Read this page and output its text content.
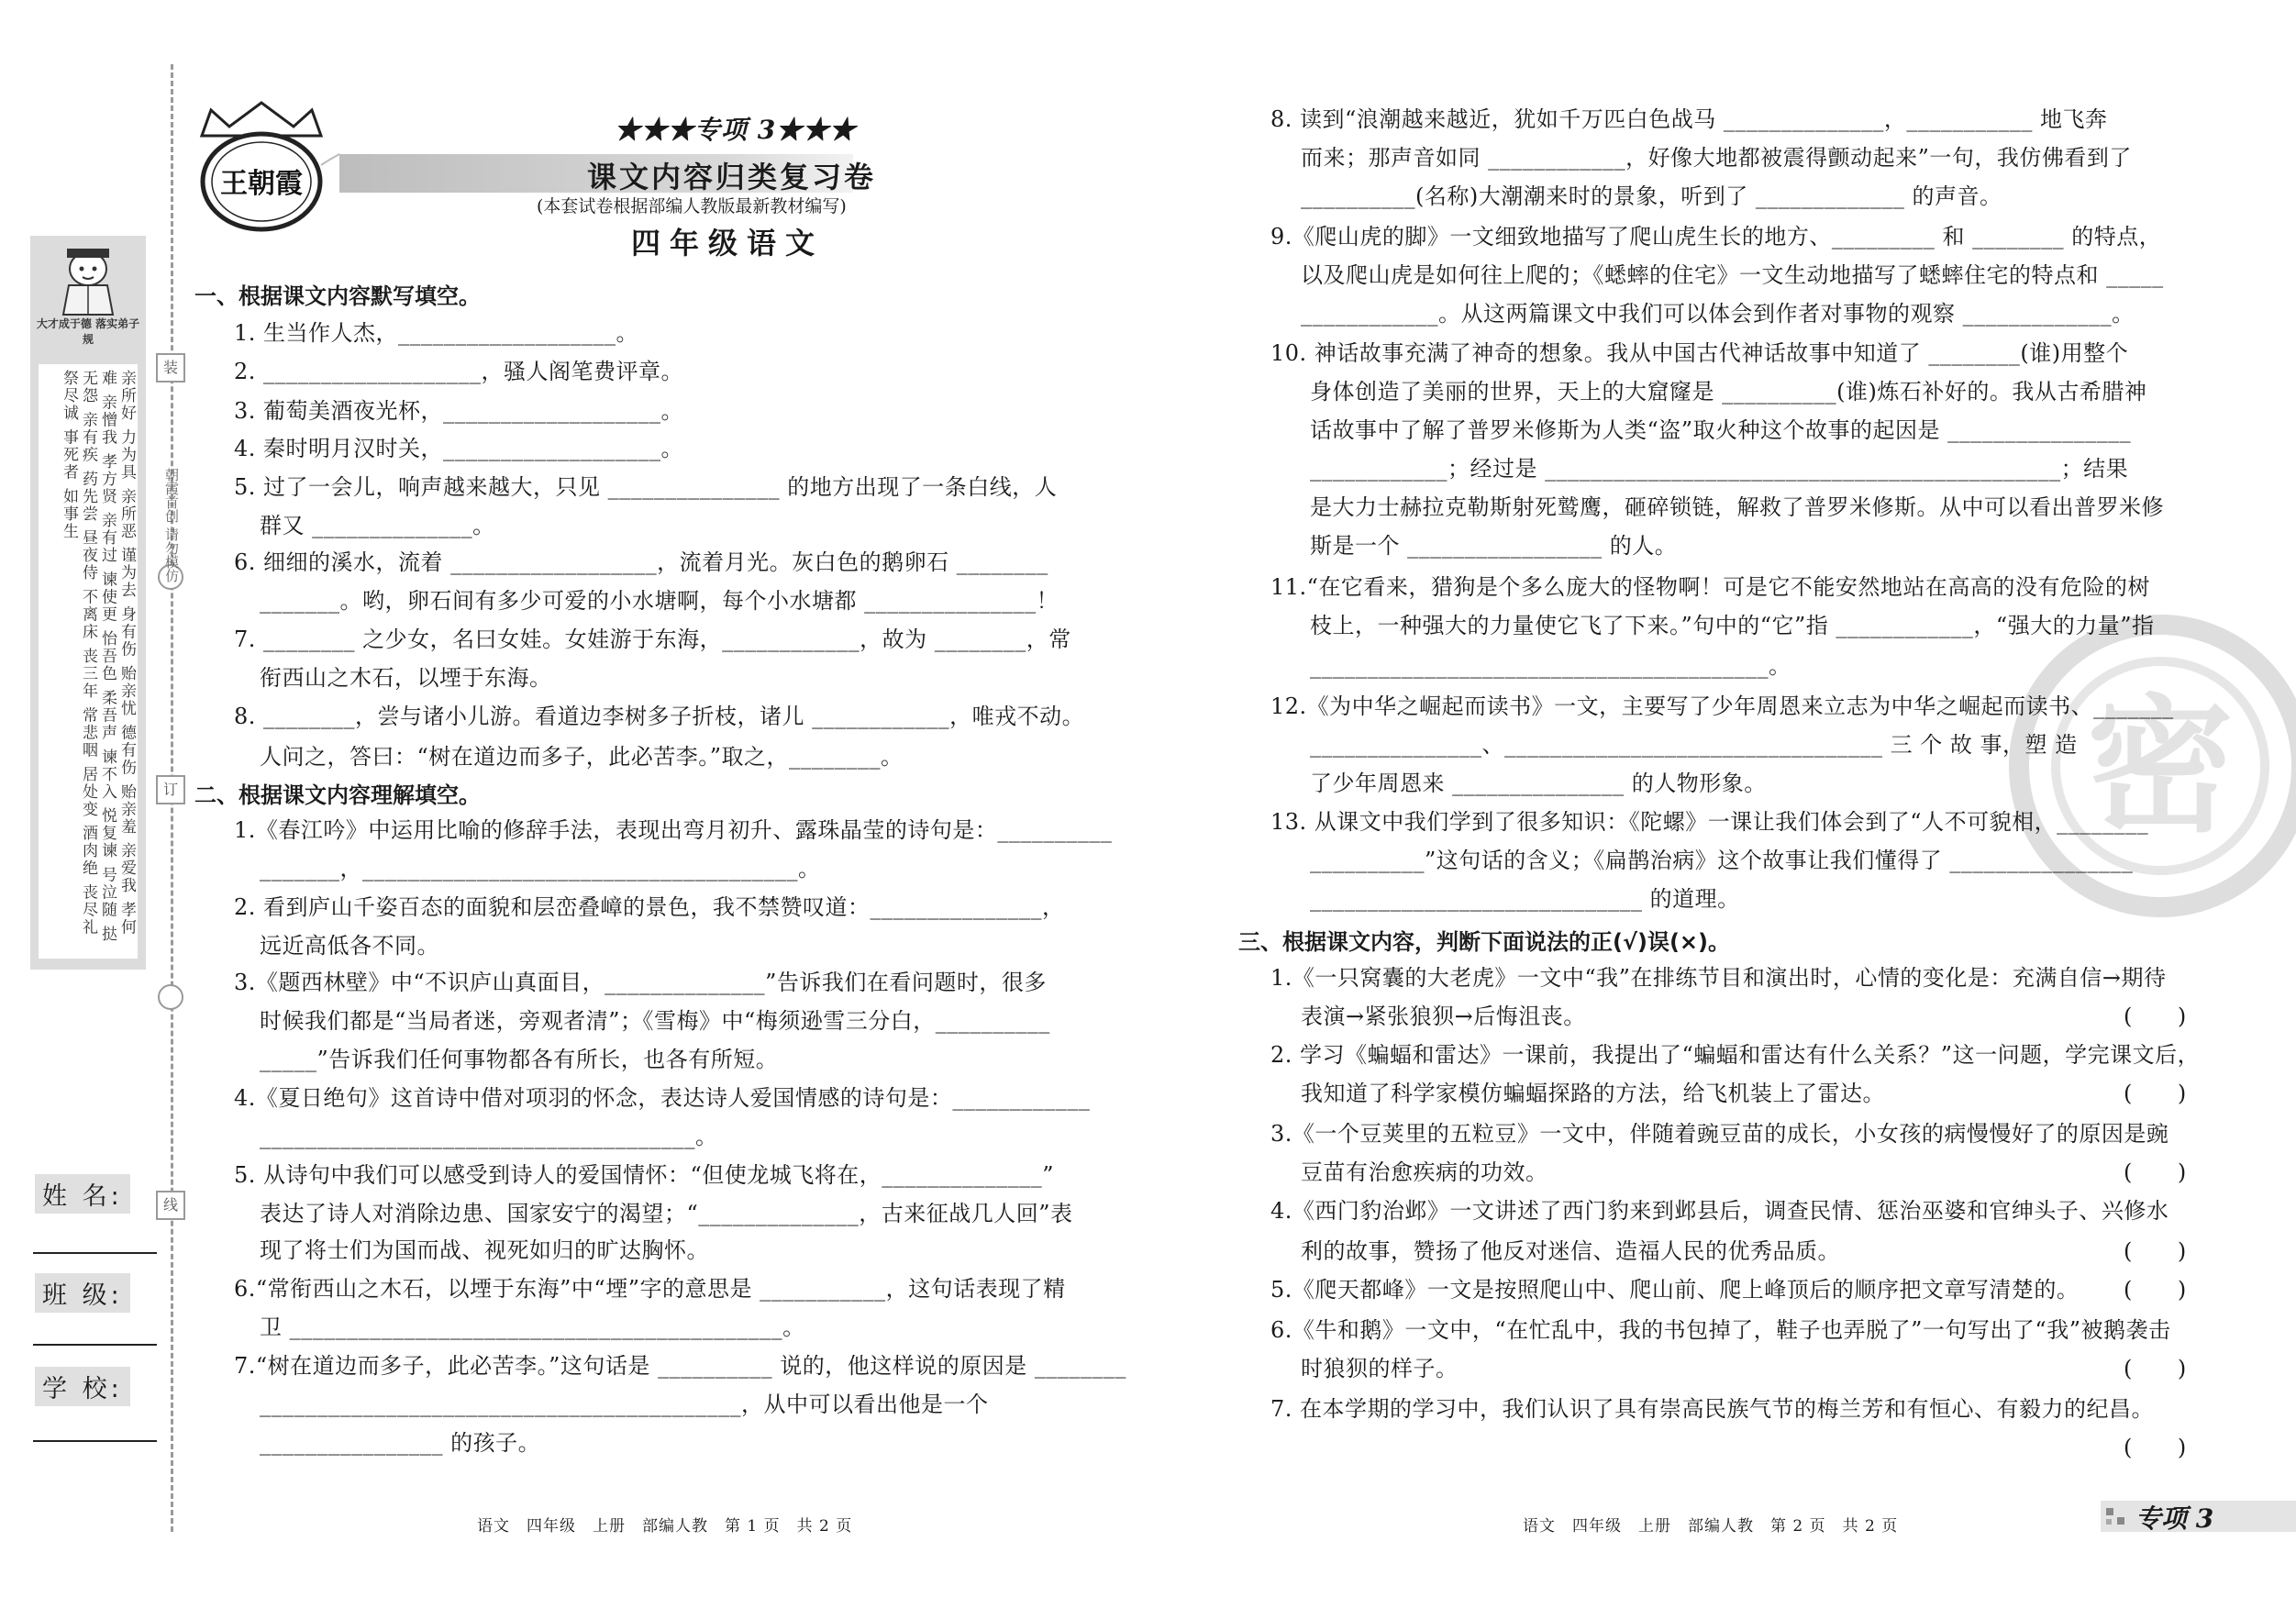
装
订
线
朝霞首创 请勿模仿
大才成于德 落实弟子规
亲所好 力为具 亲所恶 谨为去 身有伤 贻亲忧 德有伤 贻亲羞 亲爱我 孝何难 亲憎我 孝方贤 亲有过 谏使更 怡吾色 柔吾声 谏不入 悦复谏 号泣随 挞无怨 亲有疾 药先尝 昼夜侍 不离床 丧三年 常悲咽 居处变 酒肉绝 丧尽礼 祭尽诚 事死者 如事生
姓 名:
班 级:
学 校:
王朝霞
★★★专项 3★★★
课文内容归类复习卷
(本套试卷根据部编人教版最新教材编写)
四年级语文
密
一、根据课文内容默写填空。
1. 生当作人杰，___________________。
2. ___________________，骚人阁笔费评章。
3. 葡萄美酒夜光杯，___________________。
4. 秦时明月汉时关，___________________。
5. 过了一会儿，响声越来越大，只见 _______________ 的地方出现了一条白线，人
群又 ______________。
6. 细细的溪水，流着 __________________，流着月光。灰白色的鹅卵石 ________
_______。哟，卵石间有多少可爱的小水塘啊，每个小水塘都 _______________！
7. ________ 之少女，名曰女娃。女娃游于东海，____________，故为 ________，常
衔西山之木石，以堙于东海。
8. ________，尝与诸小儿游。看道边李树多子折枝，诸儿 ____________，唯戎不动。
人问之，答曰：“树在道边而多子，此必苦李。”取之，________。
二、根据课文内容理解填空。
1.《春江吟》中运用比喻的修辞手法，表现出弯月初升、露珠晶莹的诗句是：__________
_______，______________________________________。
2. 看到庐山千姿百态的面貌和层峦叠嶂的景色，我不禁赞叹道：_______________，
远近高低各不同。
3.《题西林壁》中“不识庐山真面目，______________”告诉我们在看问题时，很多
时候我们都是“当局者迷，旁观者清”；《雪梅》中“梅须逊雪三分白，__________
_____”告诉我们任何事物都各有所长，也各有所短。
4.《夏日绝句》这首诗中借对项羽的怀念，表达诗人爱国情感的诗句是：____________
______________________________________。
5. 从诗句中我们可以感受到诗人的爱国情怀：“但使龙城飞将在，______________”
表达了诗人对消除边患、国家安宁的渴望；“______________，古来征战几人回”表
现了将士们为国而战、视死如归的旷达胸怀。
6.“常衔西山之木石，以堙于东海”中“堙”字的意思是 ___________，这句话表现了精
卫 ___________________________________________。
7.“树在道边而多子，此必苦李。”这句话是 __________ 说的，他这样说的原因是 ________
__________________________________________，从中可以看出他是一个
________________ 的孩子。
语文　四年级　上册　部编人教　第 1 页　共 2 页
8. 读到“浪潮越来越近，犹如千万匹白色战马 ______________，___________ 地飞奔
而来；那声音如同 ____________，好像大地都被震得颤动起来”一句，我仿佛看到了
__________(名称)大潮潮来时的景象，听到了 _____________ 的声音。
9.《爬山虎的脚》一文细致地描写了爬山虎生长的地方、_________ 和 ________ 的特点，
以及爬山虎是如何往上爬的；《蟋蟀的住宅》一文生动地描写了蟋蟀住宅的特点和 _____
____________。从这两篇课文中我们可以体会到作者对事物的观察 _____________。
10. 神话故事充满了神奇的想象。我从中国古代神话故事中知道了 ________(谁)用整个
身体创造了美丽的世界，天上的大窟窿是 __________(谁)炼石补好的。我从古希腊神
话故事中了解了普罗米修斯为人类“盗”取火种这个故事的起因是 ________________
____________；经过是 _____________________________________________；结果
是大力士赫拉克勒斯射死鹫鹰，砸碎锁链，解救了普罗米修斯。从中可以看出普罗米修
斯是一个 _________________ 的人。
11.“在它看来，猎狗是个多么庞大的怪物啊！可是它不能安然地站在高高的没有危险的树
枝上，一种强大的力量使它飞了下来。”句中的“它”指 ____________，“强大的力量”指
________________________________________。
12.《为中华之崛起而读书》一文，主要写了少年周恩来立志为中华之崛起而读书、_______
_______________、_________________________________ 三 个 故 事，塑 造
了少年周恩来 _______________ 的人物形象。
13. 从课文中我们学到了很多知识：《陀螺》一课让我们体会到了“人不可貌相，________
__________”这句话的含义；《扁鹊治病》这个故事让我们懂得了 ________________
_____________________________ 的道理。
三、根据课文内容，判断下面说法的正(√)误(×)。
1.《一只窝囊的大老虎》一文中“我”在排练节目和演出时，心情的变化是：充满自信→期待
表演→紧张狼狈→后悔沮丧。	(　　)
2. 学习《蝙蝠和雷达》一课前，我提出了“蝙蝠和雷达有什么关系？”这一问题，学完课文后，
我知道了科学家模仿蝙蝠探路的方法，给飞机装上了雷达。	(　　)
3.《一个豆荚里的五粒豆》一文中，伴随着豌豆苗的成长，小女孩的病慢慢好了的原因是豌
豆苗有治愈疾病的功效。	(　　)
4.《西门豹治邺》一文讲述了西门豹来到邺县后，调查民情、惩治巫婆和官绅头子、兴修水
利的故事，赞扬了他反对迷信、造福人民的优秀品质。	(　　)
5.《爬天都峰》一文是按照爬山中、爬山前、爬上峰顶后的顺序把文章写清楚的。 (　　)
6.《牛和鹅》一文中，“在忙乱中，我的书包掉了，鞋子也弄脱了”一句写出了“我”被鹅袭击
时狼狈的样子。	(　　)
7. 在本学期的学习中，我们认识了具有崇高民族气节的梅兰芳和有恒心、有毅力的纪昌。
(　　)
语文　四年级　上册　部编人教　第 2 页　共 2 页	专项 3
